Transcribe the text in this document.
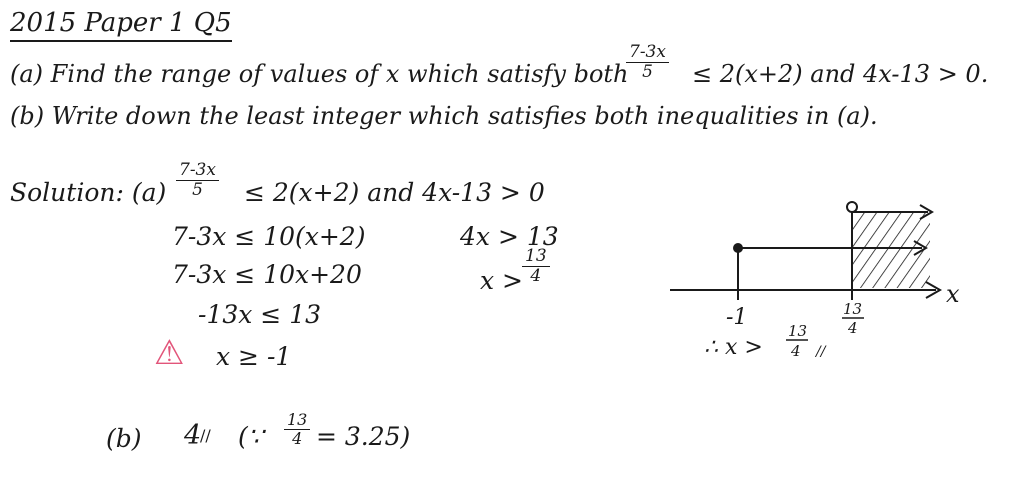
2015 Paper 1 Q5
(a) Find the range of values of x which satisfy both
$\frac{7-3x}{5} \le 2(x+2)$ and 4x-13 > 0.
(b) Write down the least integer which satisfies both inequalities in (a).
Solution: $(a) \frac{7-3x}{5} \le 2(x+2)$ and 4x-13 > 0
7-3x ≤ 10(x+2)
7-3x ≤ 10x+20
-13x ≤ 13
⚠ x ≥ -1
4x > 13
$x > \frac{13}{4}$
(b) 4
// (∵ $\frac{13}{4} = 3.25$)
x
-1	13
4
∴ x >
13
4 //
